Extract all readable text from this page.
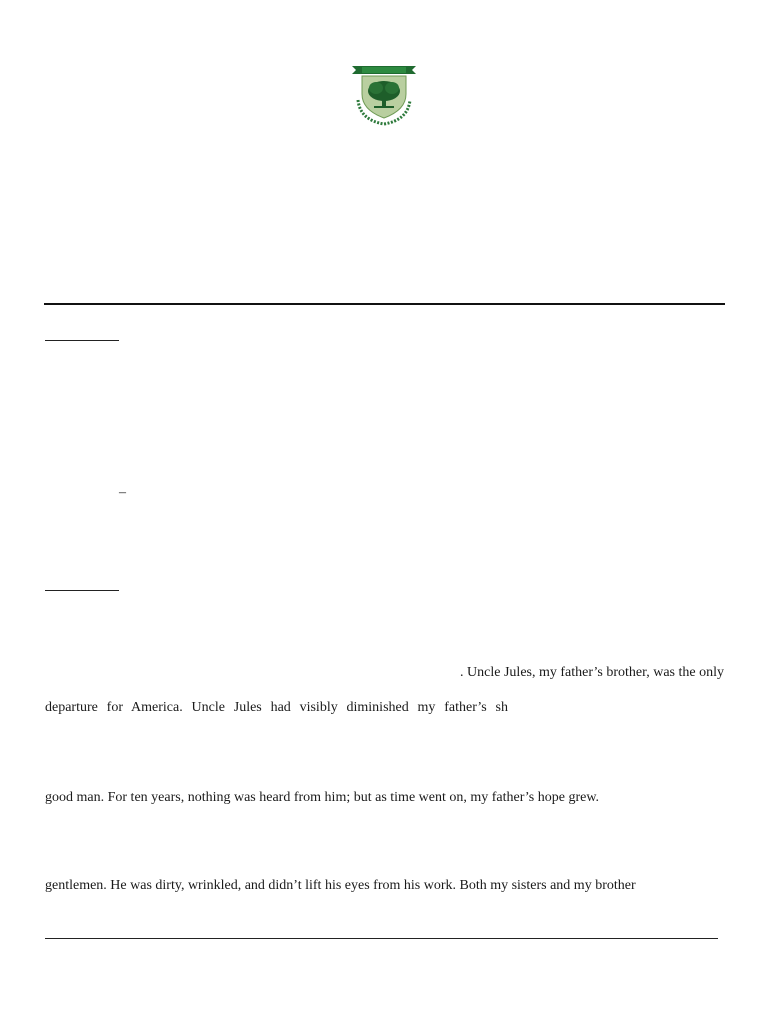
–
. Uncle Jules, my father’s brother, was the only
departure for America. Uncle Jules had visibly diminished my father’s sh
good man. For ten years, nothing was heard from him; but as time went on, my father’s hope grew.
gentlemen. He was dirty, wrinkled, and didn’t lift his eyes from his work. Both my sisters and my brother
